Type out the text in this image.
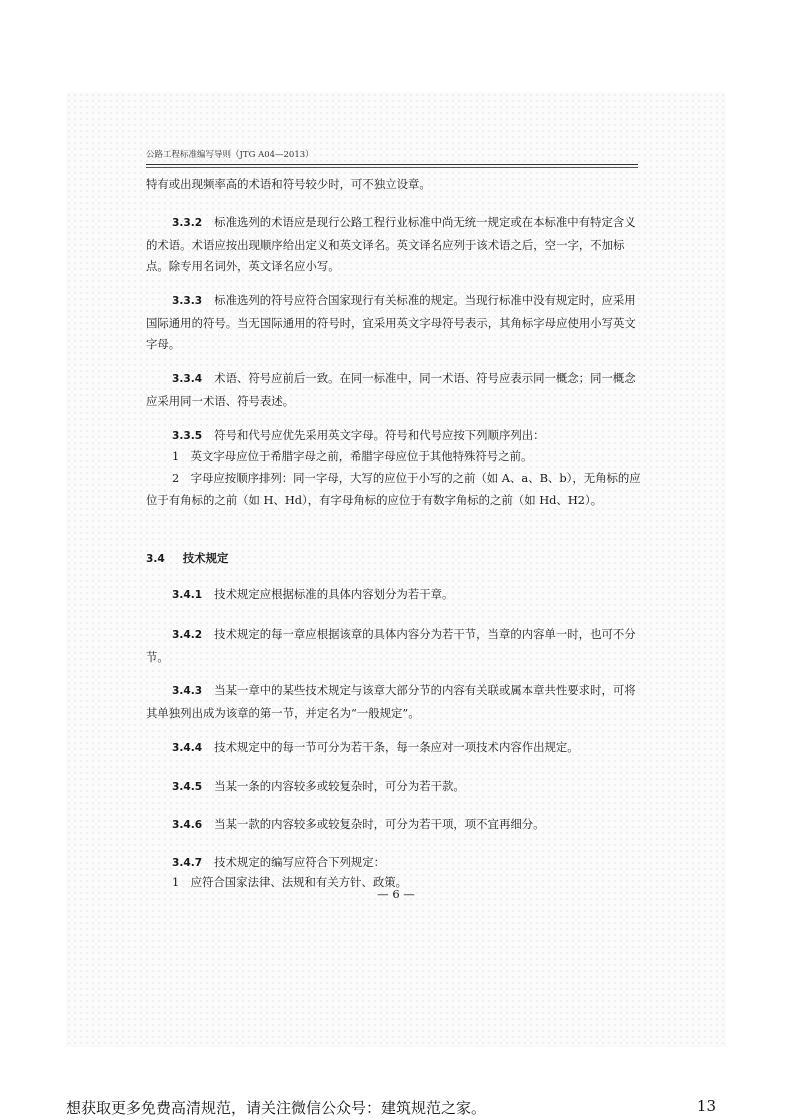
公路工程标准编写导则（JTG A04—2013）
特有或出现频率高的术语和符号较少时，可不独立设章。
3.3.2 标准选列的术语应是现行公路工程行业标准中尚无统一规定或在本标准中有特定含义的术语。术语应按出现顺序给出定义和英文译名。英文译名应列于该术语之后，空一字，不加标点。除专用名词外，英文译名应小写。
3.3.3 标准选列的符号应符合国家现行有关标准的规定。当现行标准中没有规定时，应采用国际通用的符号。当无国际通用的符号时，宜采用英文字母符号表示，其角标字母应使用小写英文字母。
3.3.4 术语、符号应前后一致。在同一标准中，同一术语、符号应表示同一概念；同一概念应采用同一术语、符号表述。
3.3.5 符号和代号应优先采用英文字母。符号和代号应按下列顺序列出：
1　英文字母应位于希腊字母之前，希腊字母应位于其他特殊符号之前。
2　字母应按顺序排列：同一字母，大写的应位于小写的之前（如 A、a、B、b），无角标的应位于有角标的之前（如 H、Hd），有字母角标的应位于有数字角标的之前（如 Hd、H2）。
3.4 技术规定
3.4.1 技术规定应根据标准的具体内容划分为若干章。
3.4.2 技术规定的每一章应根据该章的具体内容分为若干节，当章的内容单一时，也可不分节。
3.4.3 当某一章中的某些技术规定与该章大部分节的内容有关联或属本章共性要求时，可将其单独列出成为该章的第一节，并定名为“一般规定”。
3.4.4 技术规定中的每一节可分为若干条，每一条应对一项技术内容作出规定。
3.4.5 当某一条的内容较多或较复杂时，可分为若干款。
3.4.6 当某一款的内容较多或较复杂时，可分为若干项，项不宜再细分。
3.4.7 技术规定的编写应符合下列规定：
1　应符合国家法律、法规和有关方针、政策。
— 6 —
想获取更多免费高清规范，请关注微信公众号：建筑规范之家。	13
